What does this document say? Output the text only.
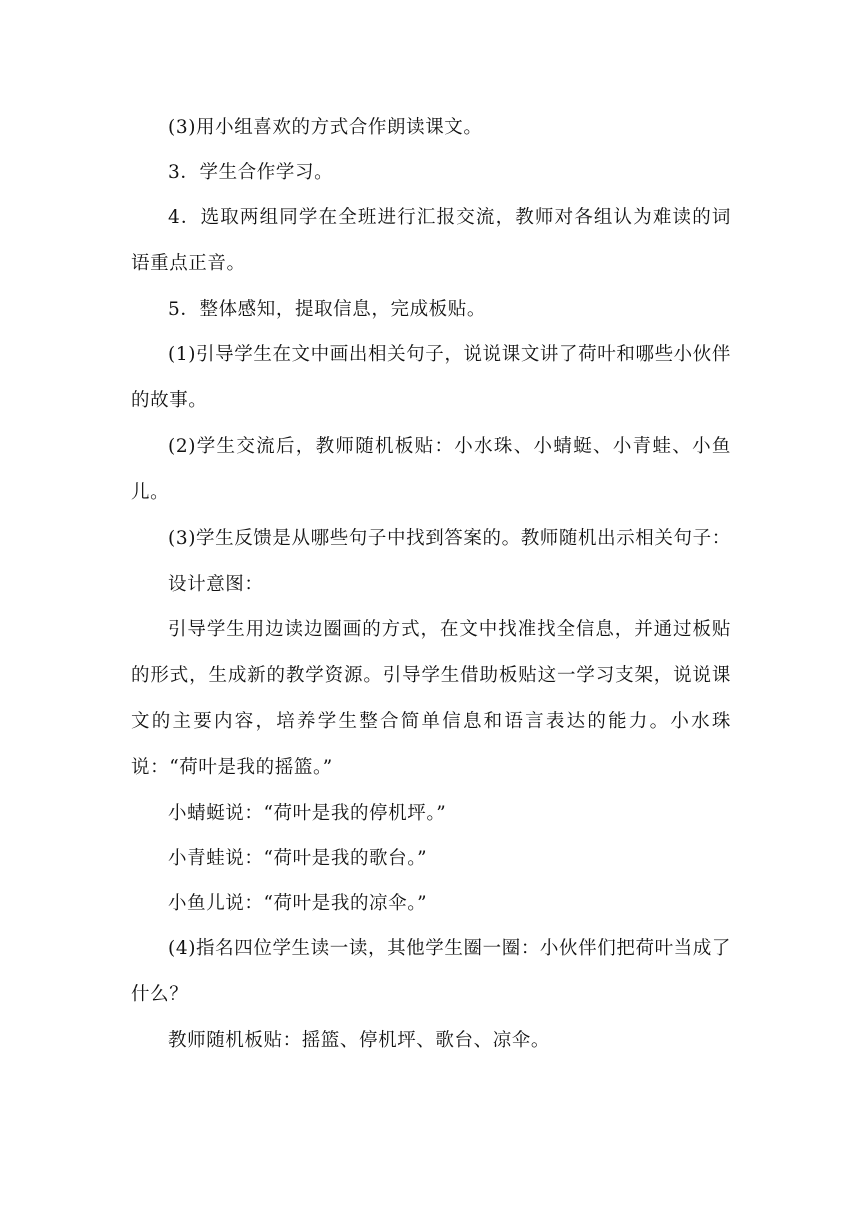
(3)用小组喜欢的方式合作朗读课文。

3．学生合作学习。

4．选取两组同学在全班进行汇报交流，教师对各组认为难读的词语重点正音。

5．整体感知，提取信息，完成板贴。

(1)引导学生在文中画出相关句子，说说课文讲了荷叶和哪些小伙伴的故事。

(2)学生交流后，教师随机板贴：小水珠、小蜻蜓、小青蛙、小鱼儿。

(3)学生反馈是从哪些句子中找到答案的。教师随机出示相关句子：

设计意图：

引导学生用边读边圈画的方式，在文中找准找全信息，并通过板贴的形式，生成新的教学资源。引导学生借助板贴这一学习支架，说说课文的主要内容，培养学生整合简单信息和语言表达的能力。小水珠说：“荷叶是我的摇篮。”

小蜻蜓说：“荷叶是我的停机坪。”

小青蛙说：“荷叶是我的歌台。”

小鱼儿说：“荷叶是我的凉伞。”

(4)指名四位学生读一读，其他学生圈一圈：小伙伴们把荷叶当成了什么？

教师随机板贴：摇篮、停机坪、歌台、凉伞。
